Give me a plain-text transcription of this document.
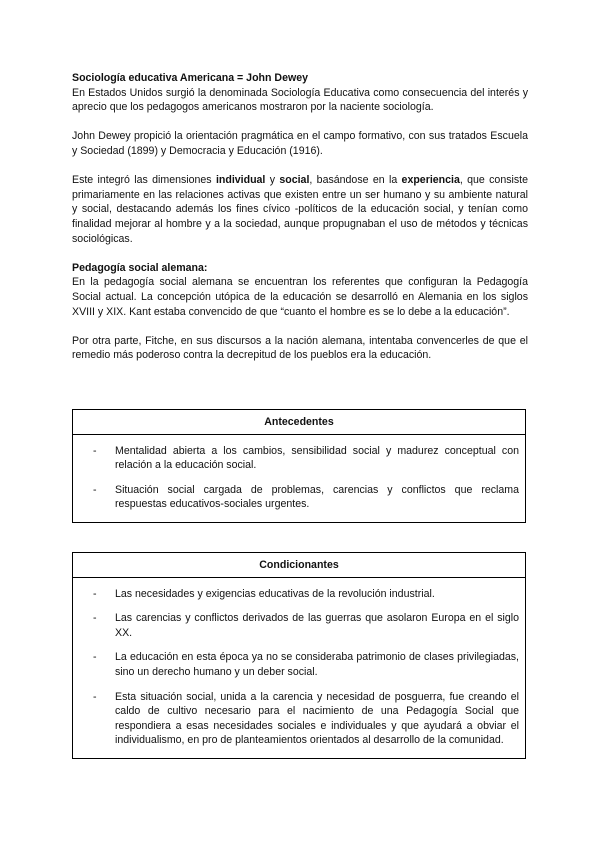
Sociología educativa Americana = John Dewey

En Estados Unidos surgió la denominada Sociología Educativa como consecuencia del interés y aprecio que los pedagogos americanos mostraron por la naciente sociología.

John Dewey propició la orientación pragmática en el campo formativo, con sus tratados Escuela y Sociedad (1899) y Democracia y Educación (1916).

Este integró las dimensiones individual y social, basándose en la experiencia, que consiste primariamente en las relaciones activas que existen entre un ser humano y su ambiente natural y social, destacando además los fines cívico -políticos de la educación social, y tenían como finalidad mejorar al hombre y a la sociedad, aunque propugnaban el uso de métodos y técnicas sociológicas.

Pedagogía social alemana:

En la pedagogía social alemana se encuentran los referentes que configuran la Pedagogía Social actual. La concepción utópica de la educación se desarrolló en Alemania en los siglos XVIII y XIX. Kant estaba convencido de que “cuanto el hombre es se lo debe a la educación”.

Por otra parte, Fitche, en sus discursos a la nación alemana, intentaba convencerles de que el remedio más poderoso contra la decrepitud de los pueblos era la educación.

Antecedentes
- Mentalidad abierta a los cambios, sensibilidad social y madurez conceptual con relación a la educación social.
- Situación social cargada de problemas, carencias y conflictos que reclama respuestas educativos-sociales urgentes.
Condicionantes
- Las necesidades y exigencias educativas de la revolución industrial.
- Las carencias y conflictos derivados de las guerras que asolaron Europa en el siglo XX.
- La educación en esta época ya no se consideraba patrimonio de clases privilegiadas, sino un derecho humano y un deber social.
- Esta situación social, unida a la carencia y necesidad de posguerra, fue creando el caldo de cultivo necesario para el nacimiento de una Pedagogía Social que respondiera a esas necesidades sociales e individuales y que ayudará a obviar el individualismo, en pro de planteamientos orientados al desarrollo de la comunidad.
